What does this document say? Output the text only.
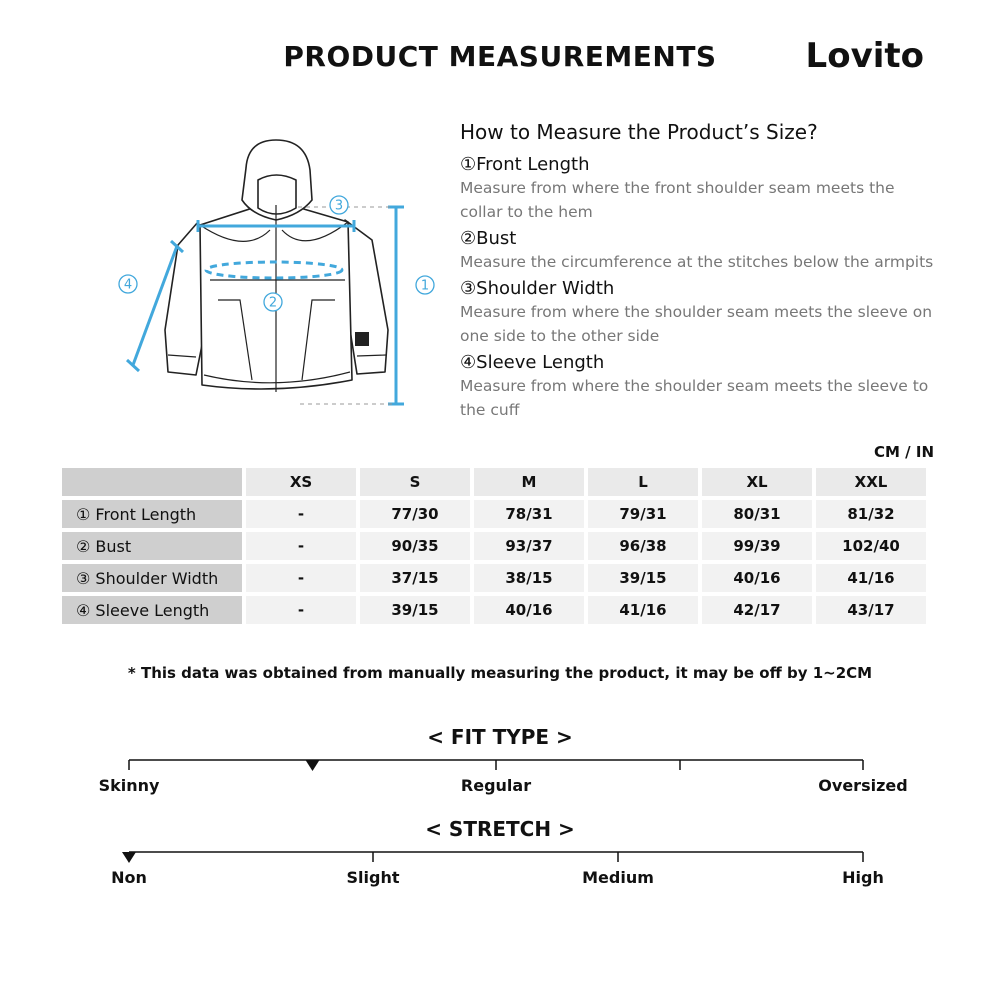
PRODUCT MEASUREMENTS	Lovito
3
2
4	1
How to Measure the Product’s Size?
①Front Length
Measure from where the front shoulder seam meets the collar to the hem
②Bust
Measure the circumference at the stitches below the armpits
③Shoulder Width
Measure from where the shoulder seam meets the sleeve on one side to the other side
④Sleeve Length
Measure from where the shoulder seam meets the sleeve to the cuff
CM / IN
	XS	S	M	L	XL	XXL
① Front Length	-	77/30	78/31	79/31	80/31	81/32
② Bust	-	90/35	93/37	96/38	99/39	102/40
③ Shoulder Width	-	37/15	38/15	39/15	40/16	41/16
④ Sleeve Length	-	39/15	40/16	41/16	42/17	43/17
* This data was obtained from manually measuring the product, it may be off by 1~2CM
< FIT TYPE >
Skinny	Regular	Oversized
< STRETCH >
Non	Slight	Medium	High
